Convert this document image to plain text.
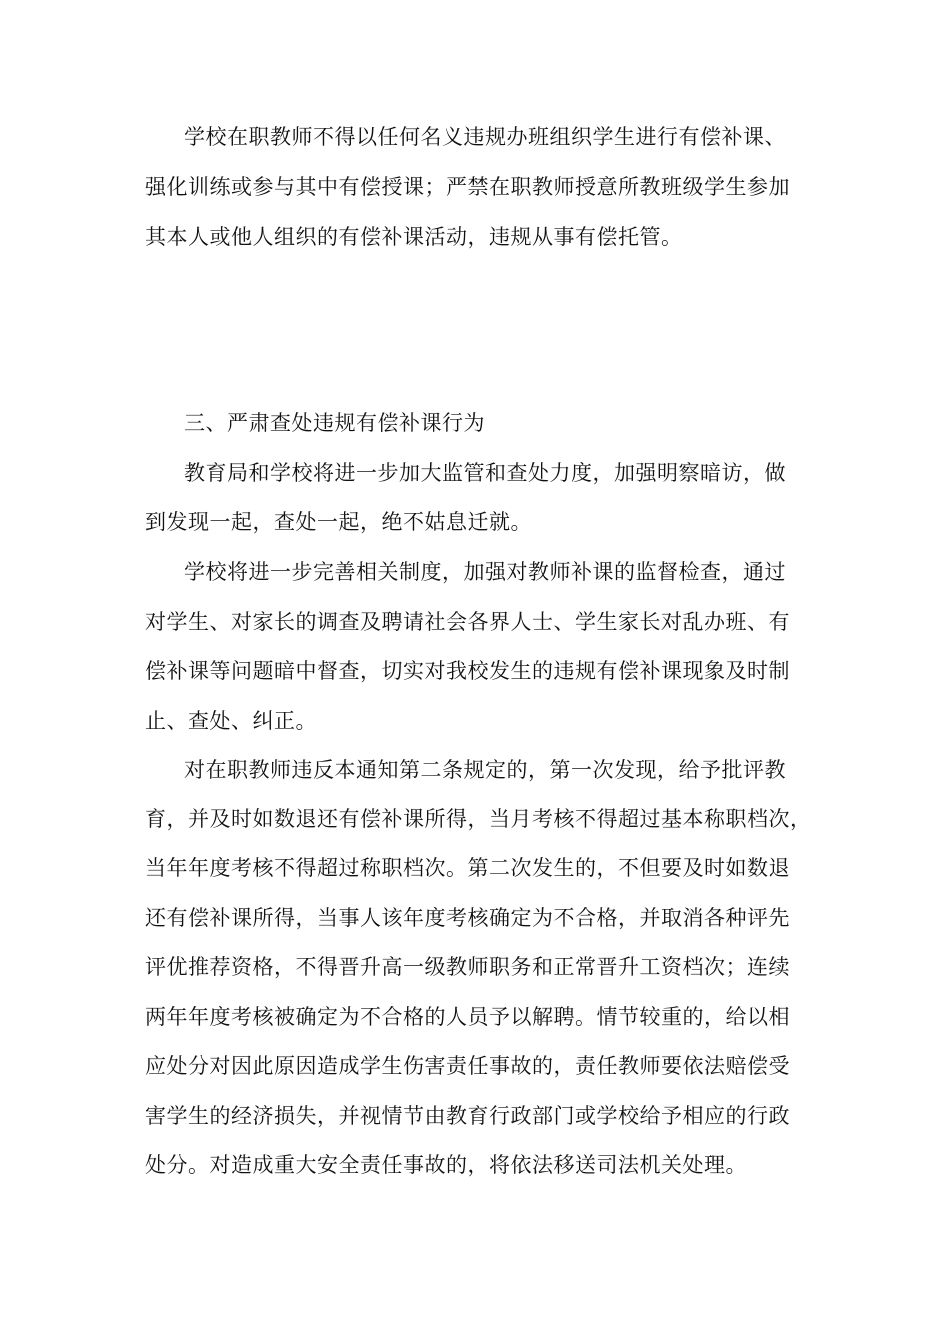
学校在职教师不得以任何名义违规办班组织学生进行有偿补课、
强化训练或参与其中有偿授课；严禁在职教师授意所教班级学生参加
其本人或他人组织的有偿补课活动，违规从事有偿托管。
三、严肃查处违规有偿补课行为
教育局和学校将进一步加大监管和查处力度，加强明察暗访，做
到发现一起，查处一起，绝不姑息迁就。
学校将进一步完善相关制度，加强对教师补课的监督检查，通过
对学生、对家长的调查及聘请社会各界人士、学生家长对乱办班、有
偿补课等问题暗中督查，切实对我校发生的违规有偿补课现象及时制
止、查处、纠正。
对在职教师违反本通知第二条规定的，第一次发现，给予批评教
育，并及时如数退还有偿补课所得，当月考核不得超过基本称职档次，
当年年度考核不得超过称职档次。第二次发生的，不但要及时如数退
还有偿补课所得，当事人该年度考核确定为不合格，并取消各种评先
评优推荐资格，不得晋升高一级教师职务和正常晋升工资档次；连续
两年年度考核被确定为不合格的人员予以解聘。情节较重的，给以相
应处分对因此原因造成学生伤害责任事故的，责任教师要依法赔偿受
害学生的经济损失，并视情节由教育行政部门或学校给予相应的行政
处分。对造成重大安全责任事故的，将依法移送司法机关处理。
